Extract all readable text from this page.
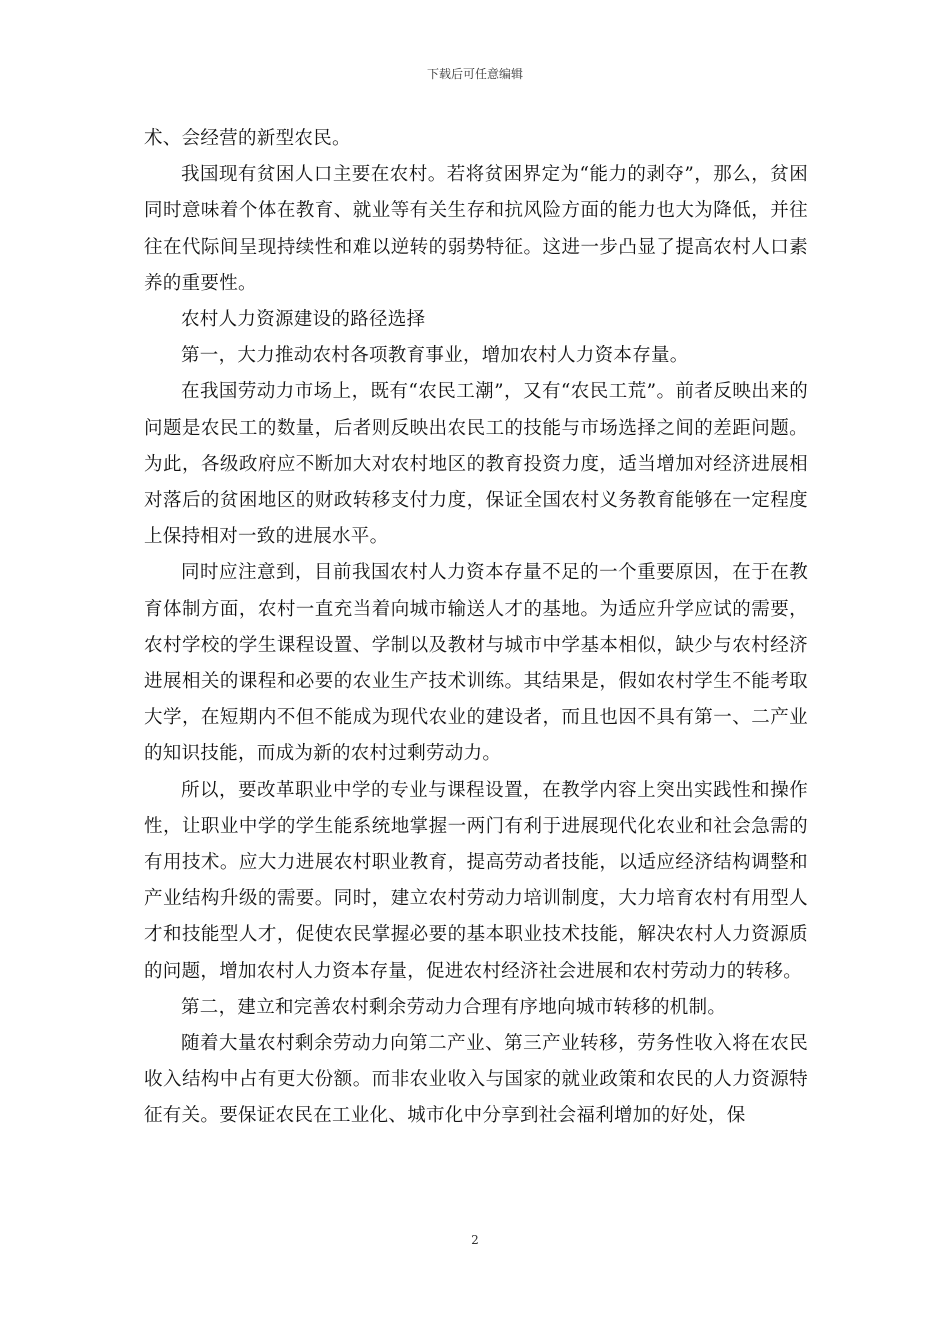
下载后可任意编辑

术、会经营的新型农民。

我国现有贫困人口主要在农村。若将贫困界定为“能力的剥夺”，那么，贫困同时意味着个体在教育、就业等有关生存和抗风险方面的能力也大为降低，并往往在代际间呈现持续性和难以逆转的弱势特征。这进一步凸显了提高农村人口素养的重要性。

农村人力资源建设的路径选择

第一，大力推动农村各项教育事业，增加农村人力资本存量。

在我国劳动力市场上，既有“农民工潮”，又有“农民工荒”。前者反映出来的问题是农民工的数量，后者则反映出农民工的技能与市场选择之间的差距问题。为此，各级政府应不断加大对农村地区的教育投资力度，适当增加对经济进展相对落后的贫困地区的财政转移支付力度，保证全国农村义务教育能够在一定程度上保持相对一致的进展水平。

同时应注意到，目前我国农村人力资本存量不足的一个重要原因，在于在教育体制方面，农村一直充当着向城市输送人才的基地。为适应升学应试的需要，农村学校的学生课程设置、学制以及教材与城市中学基本相似，缺少与农村经济进展相关的课程和必要的农业生产技术训练。其结果是，假如农村学生不能考取大学，在短期内不但不能成为现代农业的建设者，而且也因不具有第一、二产业的知识技能，而成为新的农村过剩劳动力。

所以，要改革职业中学的专业与课程设置，在教学内容上突出实践性和操作性，让职业中学的学生能系统地掌握一两门有利于进展现代化农业和社会急需的有用技术。应大力进展农村职业教育，提高劳动者技能，以适应经济结构调整和产业结构升级的需要。同时，建立农村劳动力培训制度，大力培育农村有用型人才和技能型人才，促使农民掌握必要的基本职业技术技能，解决农村人力资源质的问题，增加农村人力资本存量，促进农村经济社会进展和农村劳动力的转移。

第二，建立和完善农村剩余劳动力合理有序地向城市转移的机制。

随着大量农村剩余劳动力向第二产业、第三产业转移，劳务性收入将在农民收入结构中占有更大份额。而非农业收入与国家的就业政策和农民的人力资源特征有关。要保证农民在工业化、城市化中分享到社会福利增加的好处，保

2
